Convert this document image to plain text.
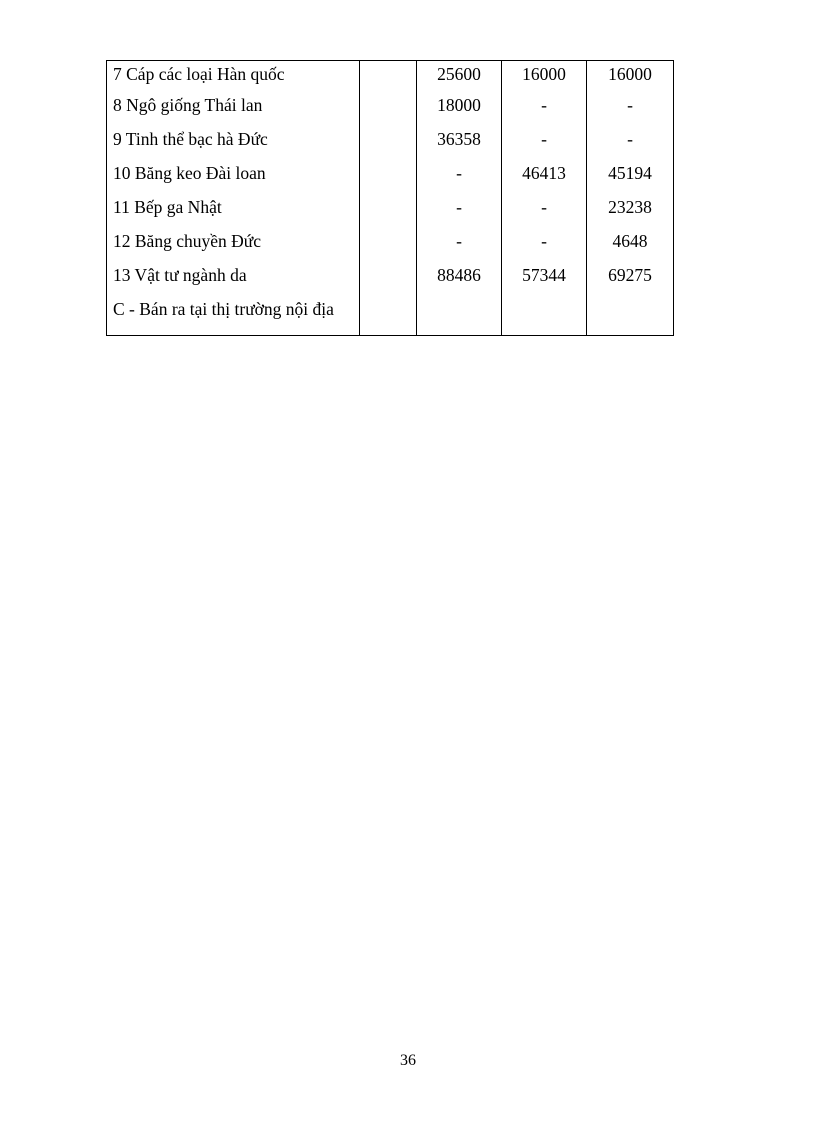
7 Cáp các loại Hàn quốc		25600	16000	16000
8 Ngô giống Thái lan		18000	-	-
9 Tinh thể bạc hà Đức		36358	-	-
10 Băng keo Đài loan		-	46413	45194
11 Bếp ga Nhật		-	-	23238
12 Băng chuyền Đức		-	-	4648
13 Vật tư ngành da		88486	57344	69275
C - Bán ra tại thị trường nội địa				
36
